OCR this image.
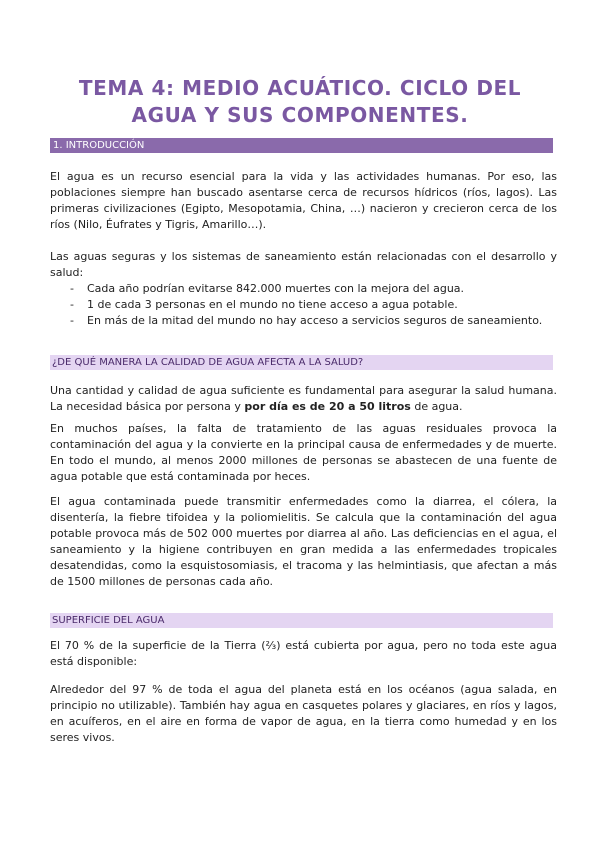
TEMA 4: MEDIO ACUÁTICO. CICLO DEL
AGUA Y SUS COMPONENTES.
1. INTRODUCCIÓN
El agua es un recurso esencial para la vida y las actividades humanas. Por eso, las poblaciones siempre han buscado asentarse cerca de recursos hídricos (ríos, lagos). Las primeras civilizaciones (Egipto, Mesopotamia, China, …) nacieron y crecieron cerca de los ríos (Nilo, Éufrates y Tigris, Amarillo…).
Las aguas seguras y los sistemas de saneamiento están relacionadas con el desarrollo y salud:
- Cada año podrían evitarse 842.000 muertes con la mejora del agua.
- 1 de cada 3 personas en el mundo no tiene acceso a agua potable.
- En más de la mitad del mundo no hay acceso a servicios seguros de saneamiento.
¿DE QUÉ MANERA LA CALIDAD DE AGUA AFECTA A LA SALUD?
Una cantidad y calidad de agua suficiente es fundamental para asegurar la salud humana. La necesidad básica por persona y por día es de 20 a 50 litros de agua.
En muchos países, la falta de tratamiento de las aguas residuales provoca la contaminación del agua y la convierte en la principal causa de enfermedades y de muerte. En todo el mundo, al menos 2000 millones de personas se abastecen de una fuente de agua potable que está contaminada por heces.
El agua contaminada puede transmitir enfermedades como la diarrea, el cólera, la disentería, la fiebre tifoidea y la poliomielitis. Se calcula que la contaminación del agua potable provoca más de 502 000 muertes por diarrea al año. Las deficiencias en el agua, el saneamiento y la higiene contribuyen en gran medida a las enfermedades tropicales desatendidas, como la esquistosomiasis, el tracoma y las helmintiasis, que afectan a más de 1500 millones de personas cada año.
SUPERFICIE DEL AGUA
El 70 % de la superficie de la Tierra (⅔) está cubierta por agua, pero no toda este agua está disponible:
Alrededor del 97 % de toda el agua del planeta está en los océanos (agua salada, en principio no utilizable). También hay agua en casquetes polares y glaciares, en ríos y lagos, en acuíferos, en el aire en forma de vapor de agua, en la tierra como humedad y en los seres vivos.
